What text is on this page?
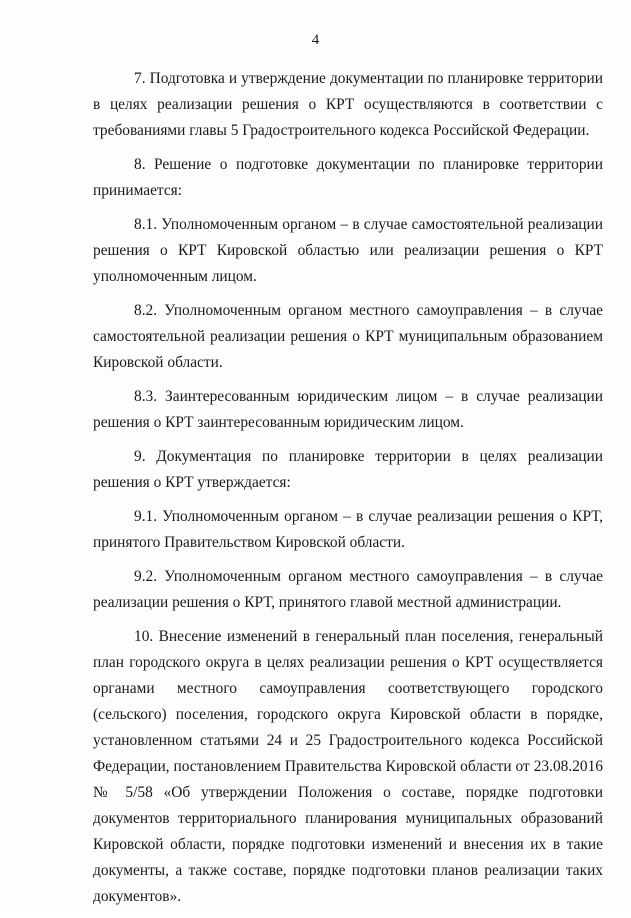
4

7. Подготовка и утверждение документации по планировке территории в целях реализации решения о КРТ осуществляются в соответствии с требованиями главы 5 Градостроительного кодекса Российской Федерации.

8. Решение о подготовке документации по планировке территории принимается:

8.1. Уполномоченным органом – в случае самостоятельной реализации решения о КРТ Кировской областью или реализации решения о КРТ уполномоченным лицом.

8.2. Уполномоченным органом местного самоуправления – в случае самостоятельной реализации решения о КРТ муниципальным образованием Кировской области.

8.3. Заинтересованным юридическим лицом – в случае реализации решения о КРТ заинтересованным юридическим лицом.

9. Документация по планировке территории в целях реализации решения о КРТ утверждается:

9.1. Уполномоченным органом – в случае реализации решения о КРТ, принятого Правительством Кировской области.

9.2. Уполномоченным органом местного самоуправления – в случае реализации решения о КРТ, принятого главой местной администрации.

10. Внесение изменений в генеральный план поселения, генеральный план городского округа в целях реализации решения о КРТ осуществляется органами местного самоуправления соответствующего городского (сельского) поселения, городского округа Кировской области в порядке, установленном статьями 24 и 25 Градостроительного кодекса Российской Федерации, постановлением Правительства Кировской области от 23.08.2016 № 5/58 «Об утверждении Положения о составе, порядке подготовки документов территориального планирования муниципальных образований Кировской области, порядке подготовки изменений и внесения их в такие документы, а также составе, порядке подготовки планов реализации таких документов».
